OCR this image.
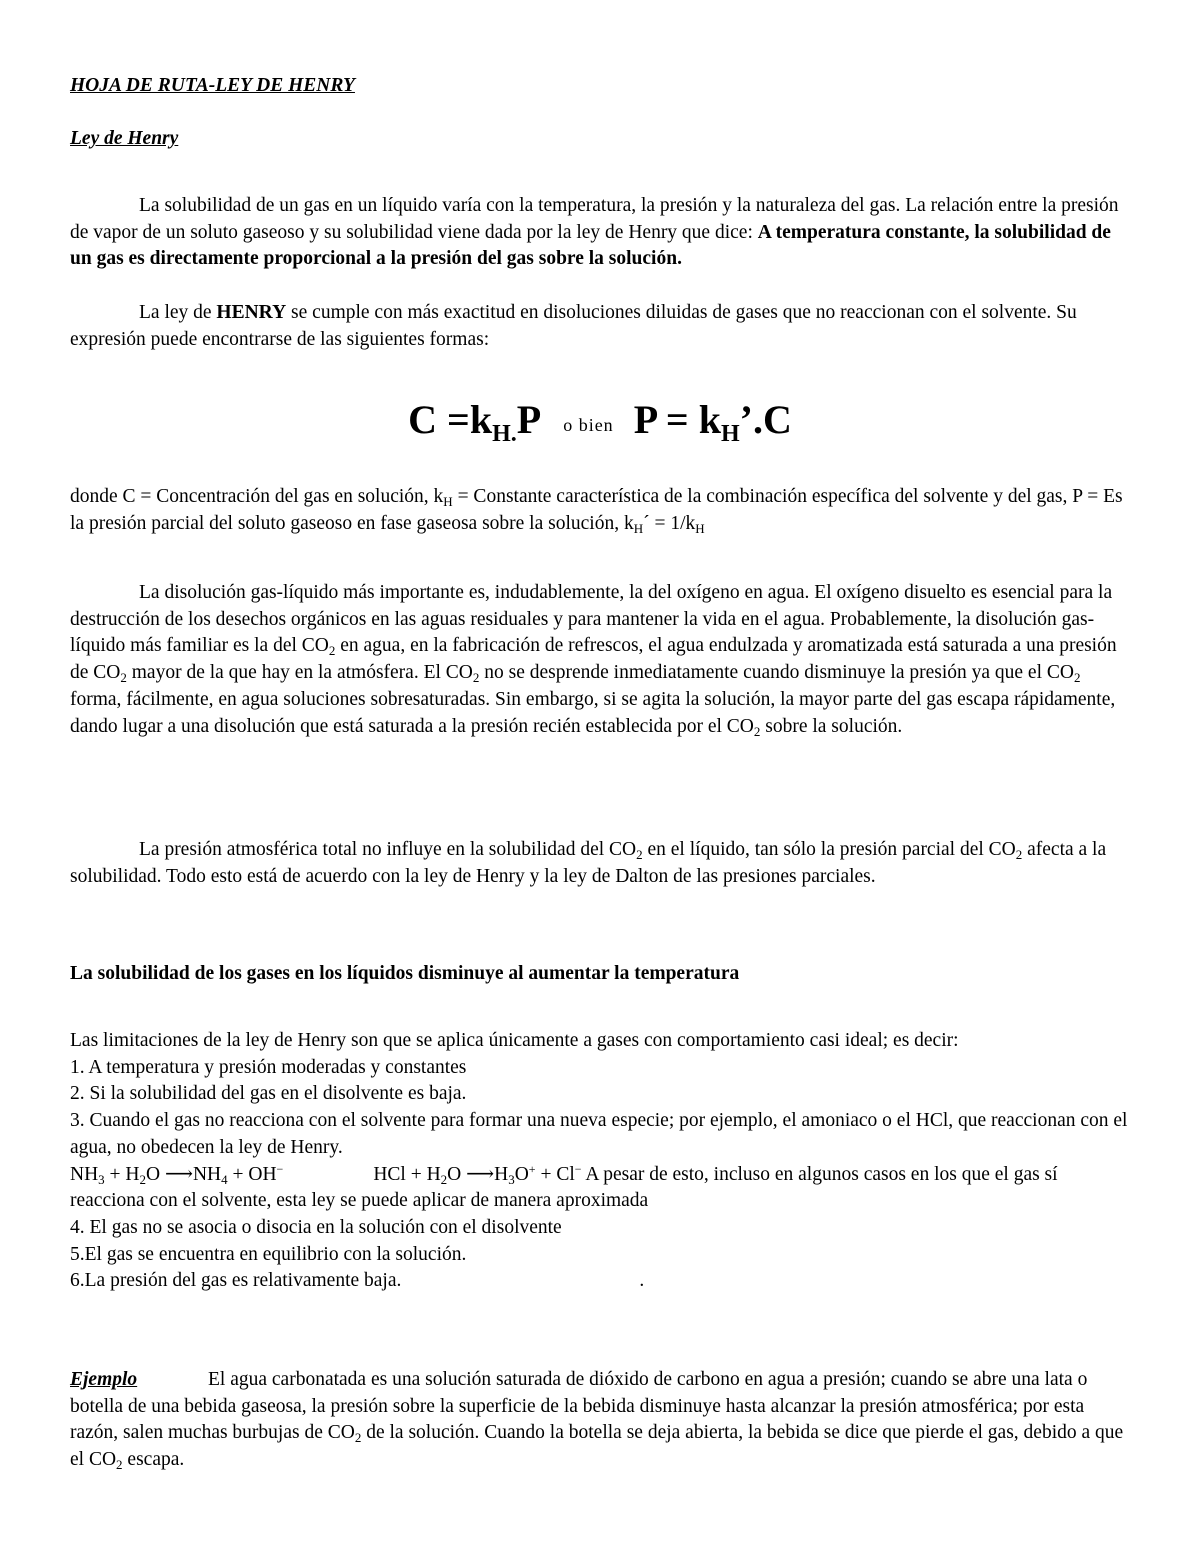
HOJA DE RUTA-LEY DE HENRY

Ley de Henry

La solubilidad de un gas en un líquido varía con la temperatura, la presión y la naturaleza del gas. La relación entre la presión de vapor de un soluto gaseoso y su solubilidad viene dada por la ley de Henry que dice: A temperatura constante, la solubilidad de un gas es directamente proporcional a la presión del gas sobre la solución.

La ley de HENRY se cumple con más exactitud en disoluciones diluidas de gases que no reaccionan con el solvente. Su expresión puede encontrarse de las siguientes formas:

$C =k_{H.}P$ o bien $P = k_H’.C$

donde C = Concentración del gas en solución, $k_H$ = Constante característica de la combinación específica del solvente y del gas, P = Es la presión parcial del soluto gaseoso en fase gaseosa sobre la solución, $k_H´ = 1/k_H$

La disolución gas-líquido más importante es, indudablemente, la del oxígeno en agua. El oxígeno disuelto es esencial para la destrucción de los desechos orgánicos en las aguas residuales y para mantener la vida en el agua. Probablemente, la disolución gas-líquido más familiar es la del $CO_2$ en agua, en la fabricación de refrescos, el agua endulzada y aromatizada está saturada a una presión de $CO_2$ mayor de la que hay en la atmósfera. El $CO_2$ no se desprende inmediatamente cuando disminuye la presión ya que el $CO_2$ forma, fácilmente, en agua soluciones sobresaturadas. Sin embargo, si se agita la solución, la mayor parte del gas escapa rápidamente, dando lugar a una disolución que está saturada a la presión recién establecida por el $CO_2$ sobre la solución.

La presión atmosférica total no influye en la solubilidad del $CO_2$ en el líquido, tan sólo la presión parcial del $CO_2$ afecta a la solubilidad. Todo esto está de acuerdo con la ley de Henry y la ley de Dalton de las presiones parciales.

La solubilidad de los gases en los líquidos disminuye al aumentar la temperatura

Las limitaciones de la ley de Henry son que se aplica únicamente a gases con comportamiento casi ideal; es decir:
1. A temperatura y presión moderadas y constantes
2. Si la solubilidad del gas en el disolvente es baja.
3. Cuando el gas no reacciona con el solvente para formar una nueva especie; por ejemplo, el amoniaco o el HCl, que reaccionan con el agua, no obedecen la ley de Henry.
$NH_3 + H_2O$ $⟶NH_4 + OH^-$	HCl + $H_2O$ $⟶H_3O^+ + Cl^-$ A pesar de esto, incluso en algunos casos en los que el gas sí reacciona con el solvente, esta ley se puede aplicar de manera aproximada
4. El gas no se asocia o disocia en la solución con el disolvente
5.El gas se encuentra en equilibrio con la solución.
6.La presión del gas es relativamente baja.	.

Ejemplo	El agua carbonatada es una solución saturada de dióxido de carbono en agua a presión; cuando se abre una lata o botella de una bebida gaseosa, la presión sobre la superficie de la bebida disminuye hasta alcanzar la presión atmosférica; por esta razón, salen muchas burbujas de $CO_2$ de la solución. Cuando la botella se deja abierta, la bebida se dice que pierde el gas, debido a que el $CO_2$ escapa.
